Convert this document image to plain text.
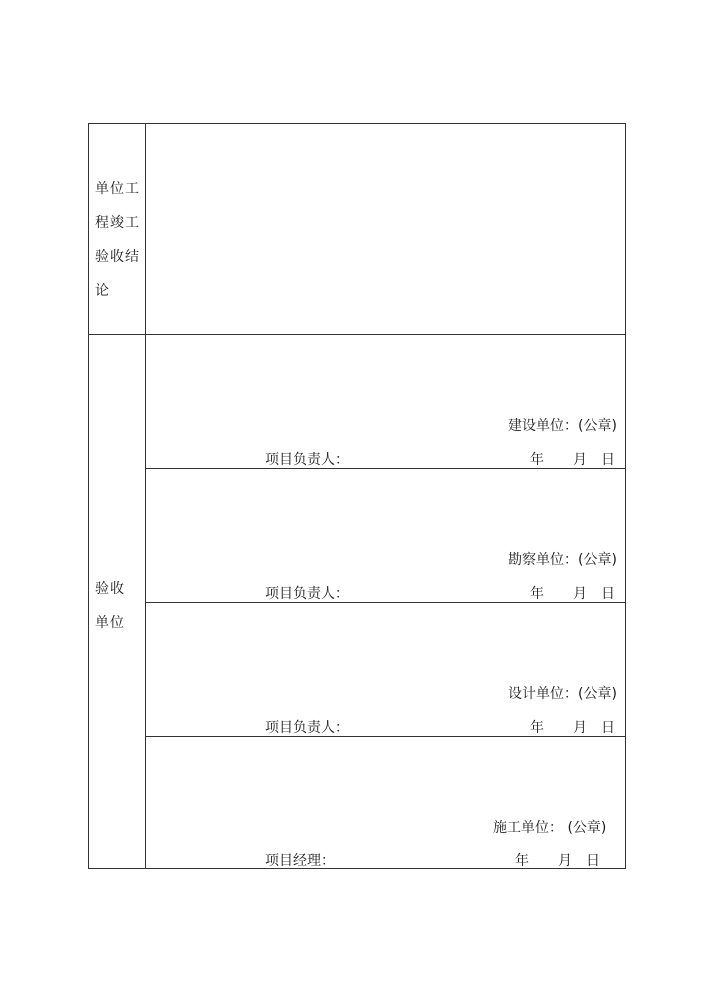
单位工
程竣工
验收结
论
验收
单位
建设单位：(公章)
项目负责人：	年 月 日
勘察单位：(公章)
项目负责人：	年 月 日
设计单位：(公章)
项目负责人：	年 月 日
施工单位： (公章)
项目经理：	年 月 日
